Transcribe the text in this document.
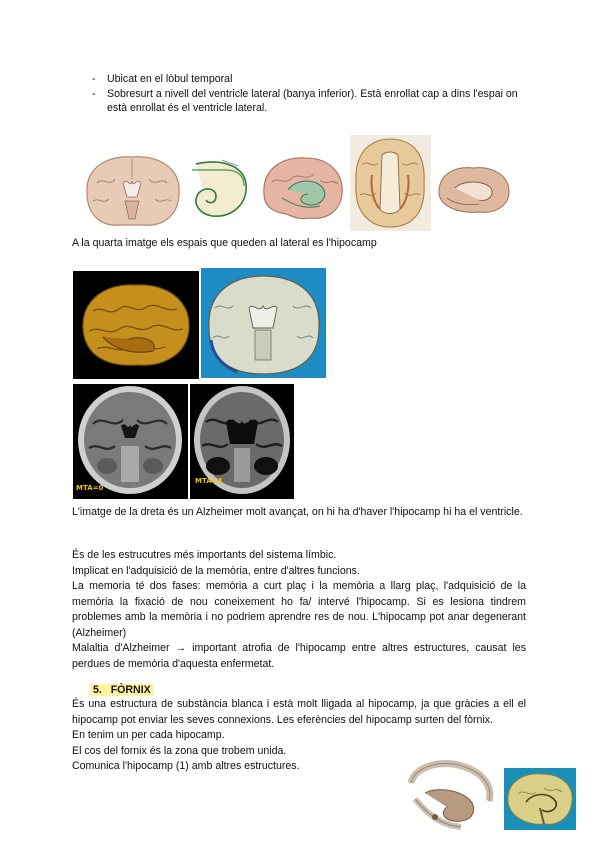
- Ubicat en el lòbul temporal
- Sobresurt a nivell del ventricle lateral (banya inferior). Està enrollat cap a dins l'espai on està enrollat és el ventricle lateral.
A la quarta imatge els espais que queden al lateral es l'hipocamp
MTA=0
MTA=4
L'imatge de la dreta és un Alzheimer molt avançat, on hi ha d'haver l'hipocamp hi ha el ventricle.
És de les estrucutres més importants del sistema límbic.
Implicat en l'adquisició de la memòria, entre d'altres funcions.
La memoria té dos fases: memòria a curt plaç i la memòria a llarg plaç, l'adquisició de la memòria la fixació de nou coneixement ho fa/ intervé l'hipocamp. Si es lesiona tindrem problemes amb la memòria i no podriem aprendre res de nou. L'hipocamp pot anar degenerant (Alzheimer)
Malaltia d'Alzheimer → important atrofia de l'hipocamp entre altres estructures, causat les perdues de memòria d'aquesta enfermetat.
5. FÒRNIX
És una estructura de substància blanca i està molt lligada al hipocamp, ja que gràcies a ell el hipocamp pot enviar les seves connexions. Les eferències del hipocamp surten del fòrnix.
En tenim un per cada hipocamp.
El cos del fornix és la zona que trobem unida.
Comunica l'hipocamp (1) amb altres estructures.
